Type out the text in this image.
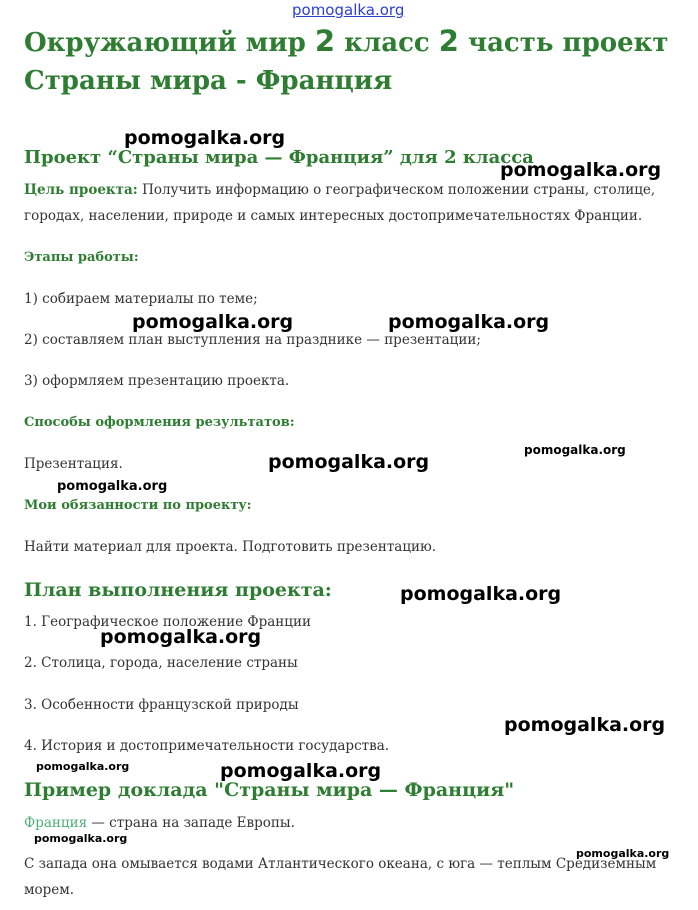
pomogalka.org
Окружающий мир 2 класс 2 часть проект Страны мира - Франция
Проект “Страны мира — Франция” для 2 класса

Цель проекта: Получить информацию о географическом положении страны, столице,

городах, населении, природе и самых интересных достопримечательностях Франции.

Этапы работы:

1) собираем материалы по теме;

2) составляем план выступления на празднике — презентации;

3) оформляем презентацию проекта.

Способы оформления результатов:

Презентация.

Мои обязанности по проекту:

Найти материал для проекта. Подготовить презентацию.

План выполнения проекта:

1. Географическое положение Франции

2. Столица, города, население страны

3. Особенности французской природы

4. История и достопримечательности государства.

Пример доклада "Страны мира — Франция"

Франция — страна на западе Европы.

С запада она омывается водами Атлантического океана, с юга — теплым Средиземным

морем.

pomogalka.org
pomogalka.org
pomogalka.org	pomogalka.org
pomogalka.org
pomogalka.org
pomogalka.org
pomogalka.org
pomogalka.org
pomogalka.org
pomogalka.org	pomogalka.org
pomogalka.org
pomogalka.org
